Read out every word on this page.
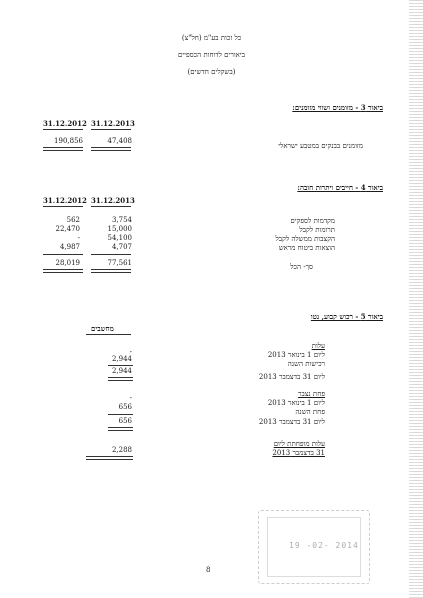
כל זכות בע"מ (חל"צ)
ביאורים לדוחות הכספיים
(בשקלים חדשים)
ביאור 3 - מזומנים ושווי מזומנים:
31.12.2013
31.12.2012
מזומנים בבנקים במטבע ישראלי
47,408
190,856
ביאור 4 - חייבים ויתרות חובה:
31.12.2013
31.12.2012
מקדמות לספקים
3,754
562
תרומות לקבל
15,000
22,470
הקצבות ממשלה לקבל
54,100
-
הוצאות ביטוח מראש
4,707
4,987
סך- הכל
77,561
28,019
ביאור 5 - רכוש קבוע, נטו
מחשבים
עלות
ליום 1 בינואר 2013
-
רכישות השנה
2,944
ליום 31 בדצמבר 2013
2,944
פחת נצבר
ליום 1 בינואר 2013
-
פחת השנה
656
ליום 31 בדצמבר 2013
656
עלות מופחתת ליום
31 בדצמבר 2013
2,288
8
19 -02- 2014
